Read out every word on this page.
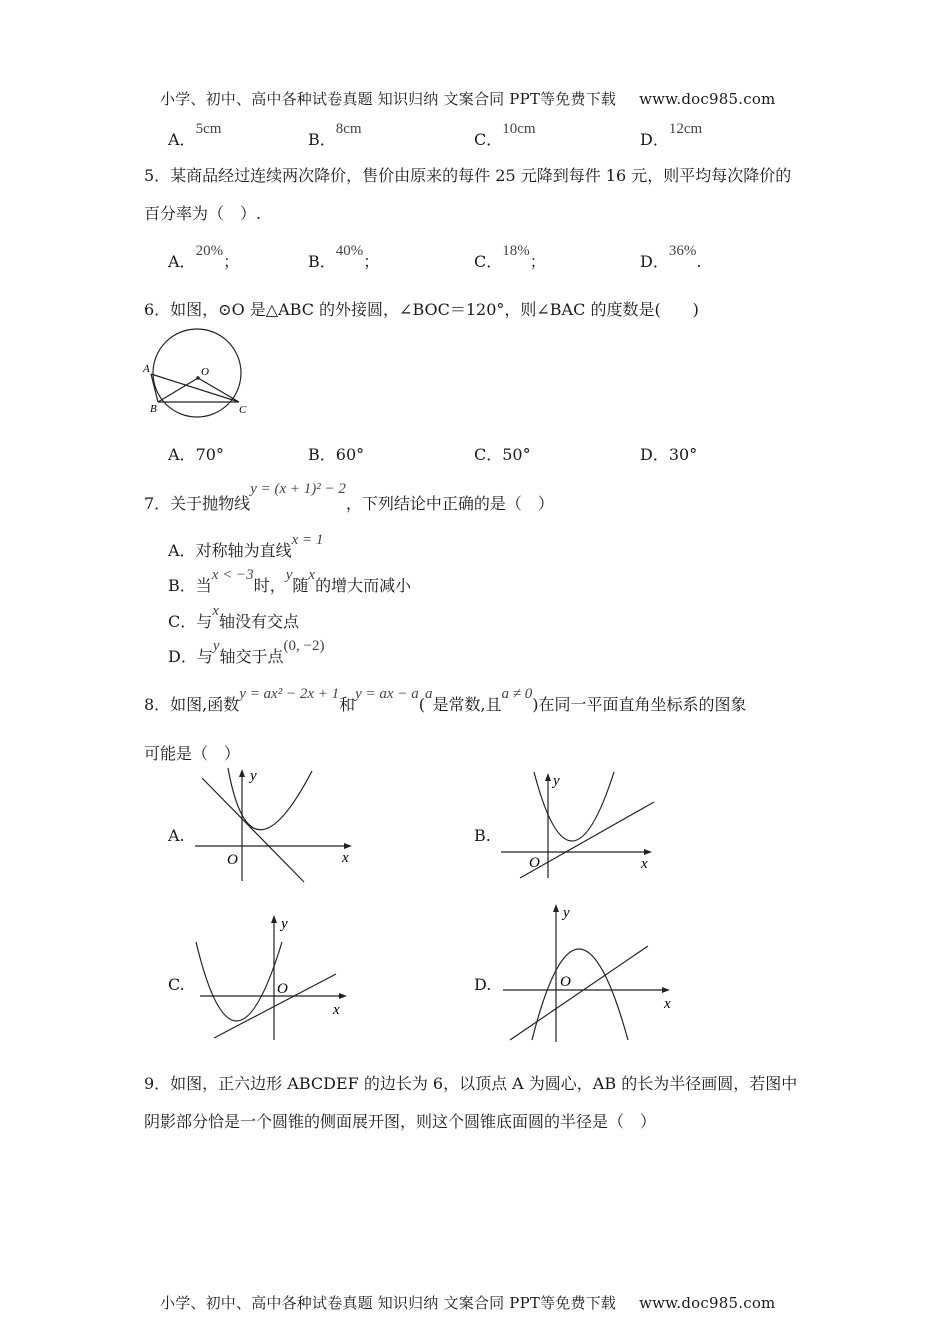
小学、初中、高中各种试卷真题 知识归纳 文案合同 PPT等免费下载 www.doc985.com
A．5cm
B．8cm
C．10cm
D．12cm
5．某商品经过连续两次降价，售价由原来的每件 25 元降到每件 16 元，则平均每次降价的
百分率为（　）.
A．20%；	B．40%；	C．18%；	D．36%.
6．如图，⊙O 是△ABC 的外接圆，∠BOC＝120°，则∠BAC 的度数是(　　)
A
B	C
O
A．70°	B．60°	C．50°	D．30°
7．关于抛物线y = (x + 1)² − 2，下列结论中正确的是（　）
A．对称轴为直线x = 1
B．当x < −3时，y随x的增大而减小
C．与x轴没有交点
D．与y轴交于点(0, −2)
8．如图,函数y = ax² − 2x + 1和y = ax − a(a是常数,且a ≠ 0)在同一平面直角坐标系的图象
可能是（　）
A.
x
y
O
B.
x
y
O
C.
x
y
O	D.
x
y
O
9．如图，正六边形 ABCDEF 的边长为 6，以顶点 A 为圆心，AB 的长为半径画圆，若图中
阴影部分恰是一个圆锥的侧面展开图，则这个圆锥底面圆的半径是（　）
小学、初中、高中各种试卷真题 知识归纳 文案合同 PPT等免费下载 www.doc985.com
